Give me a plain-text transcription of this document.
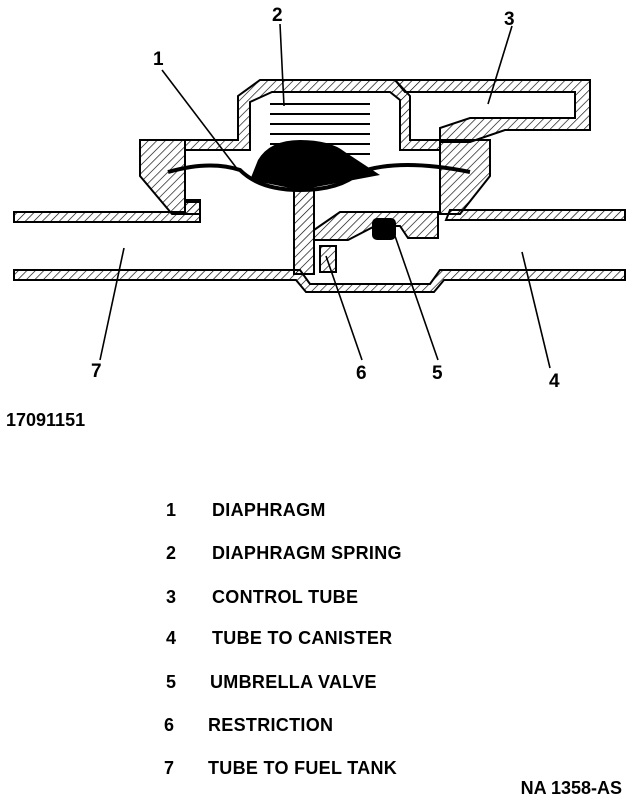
1
2	3
4
5
6
7
17091151
1	DIAPHRAGM
2	DIAPHRAGM SPRING
3	CONTROL TUBE
4	TUBE TO CANISTER
5	UMBRELLA VALVE
6	RESTRICTION
7	TUBE TO FUEL TANK
NA 1358-AS
